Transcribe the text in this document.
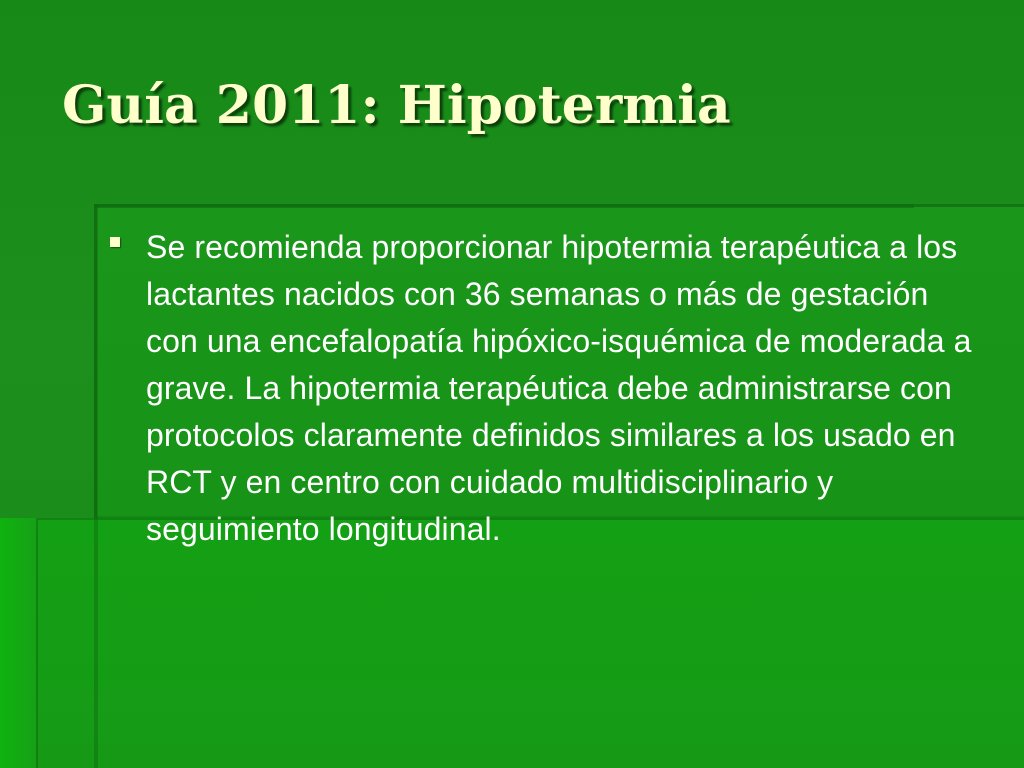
Guía 2011: Hipotermia
Se recomienda proporcionar hipotermia terapéutica a los lactantes nacidos con 36 semanas o más de gestación con una encefalopatía hipóxico-isquémica de moderada a grave. La hipotermia terapéutica debe administrarse con protocolos claramente definidos similares a los usado en RCT y en centro con cuidado multidisciplinario y seguimiento longitudinal.
